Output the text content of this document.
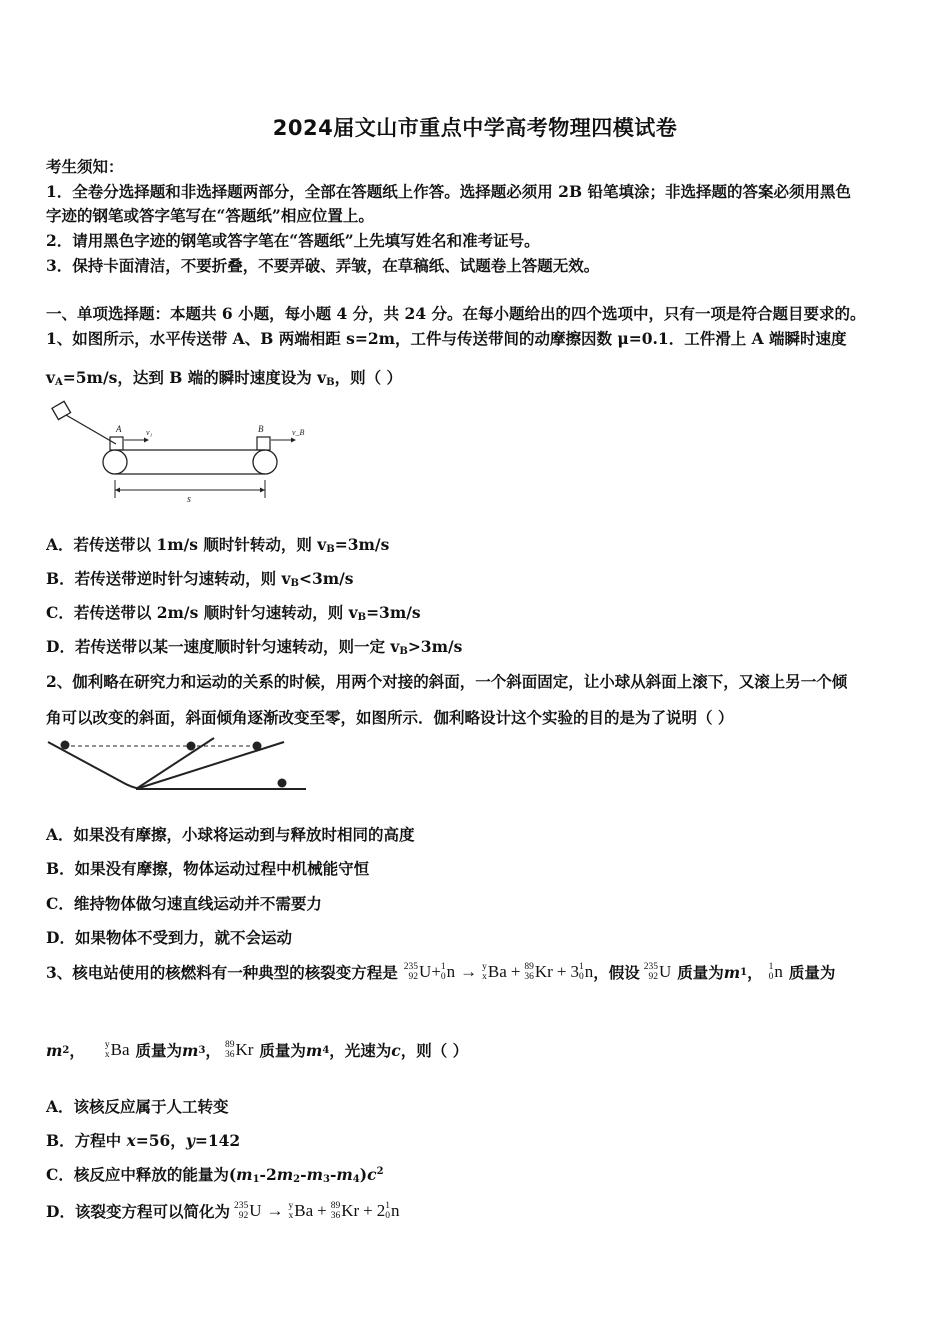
2024届文山市重点中学高考物理四模试卷
考生须知：
1．全卷分选择题和非选择题两部分，全部在答题纸上作答。选择题必须用 2B 铅笔填涂；非选择题的答案必须用黑色
字迹的钢笔或答字笔写在“答题纸”相应位置上。
2．请用黑色字迹的钢笔或答字笔在“答题纸”上先填写姓名和准考证号。
3．保持卡面清洁，不要折叠，不要弄破、弄皱，在草稿纸、试题卷上答题无效。
一、单项选择题：本题共 6 小题，每小题 4 分，共 24 分。在每小题给出的四个选项中，只有一项是符合题目要求的。
1、如图所示，水平传送带 A、B 两端相距 s=2m，工件与传送带间的动摩擦因数 μ=0.1．工件滑上 A 端瞬时速度
$v_A=5m/s$，达到 B 端的瞬时速度设为 $v_B$，则（ ）
A	B
v₁	v_B
s
A．若传送带以 1m/s 顺时针转动，则 $v_B=3m/s$
B．若传送带逆时针匀速转动，则 $v_B<3m/s$
C．若传送带以 2m/s 顺时针匀速转动，则 $v_B=3m/s$
D．若传送带以某一速度顺时针匀速转动，则一定 $v_B>3m/s$
2、伽利略在研究力和运动的关系的时候，用两个对接的斜面，一个斜面固定，让小球从斜面上滚下，又滚上另一个倾
角可以改变的斜面，斜面倾角逐渐改变至零，如图所示．伽利略设计这个实验的目的是为了说明（ ）
A．如果没有摩擦，小球将运动到与释放时相同的高度
B．如果没有摩擦，物体运动过程中机械能守恒
C．维持物体做匀速直线运动并不需要力
D．如果物体不受到力，就不会运动
3、核电站使用的核燃料有一种典型的核裂变方程是 235
92 U + 1
0 n → y
x Ba + 89
36 Kr + 3 1
0 n ，假设 235
92 U 质量为 m 1 ， 1
0 n 质量为
m 2 ， y
x Ba 质量为 m 3 ， 89
36 Kr 质量为 m 4 ，光速为 c ，则（ ）
A．该核反应属于人工转变
B．方程中 x=56，y=142
C．核反应中释放的能量为$(m_1-2m_2-m_3-m_4)c^2$
D．该裂变方程可以简化为 235
92 U → y
x Ba + 89
36 Kr + 2 1
0 n
